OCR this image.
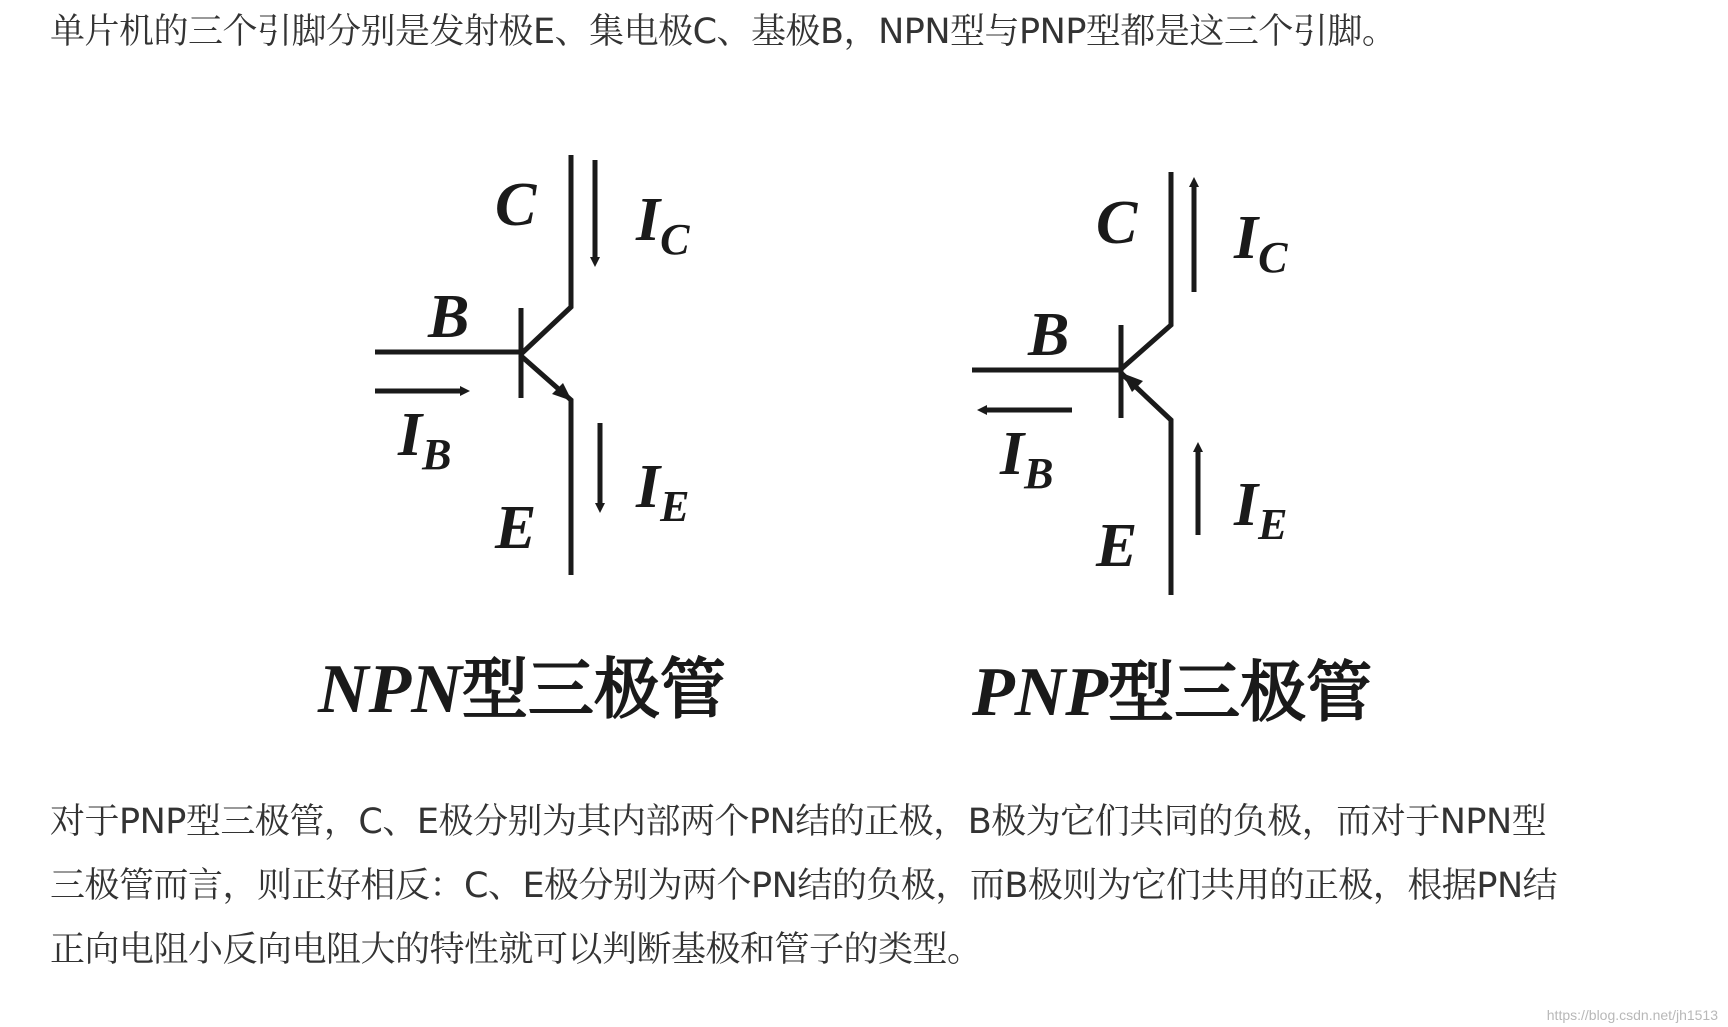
单片机的三个引脚分别是发射极E、集电极C、基极B，NPN型与PNP型都是这三个引脚。

C
B
E
$I_C$
$I_B$	$I_E$
NPN型三极管
C
B
E
$I_C$
$I_B$	$I_E$
PNP型三极管
对于PNP型三极管，C、E极分别为其内部两个PN结的正极，B极为它们共同的负极，而对于NPN型
三极管而言，则正好相反：C、E极分别为两个PN结的负极，而B极则为它们共用的正极，根据PN结
正向电阻小反向电阻大的特性就可以判断基极和管子的类型。
https://blog.csdn.net/jh1513
